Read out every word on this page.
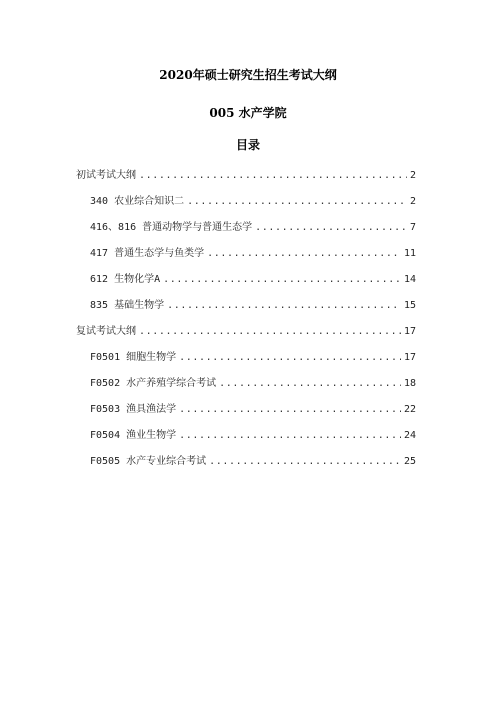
2020年硕士研究生招生考试大纲
005 水产学院
目录
初试考试大纲 .....	2
340 农业综合知识二 .....	2
416、816 普通动物学与普通生态学 .....	7
417 普通生态学与鱼类学 .....	11
612 生物化学A .....	14
835 基础生物学 .....	15
复试考试大纲 .....	17
F0501 细胞生物学 .....	17
F0502 水产养殖学综合考试 .....	18
F0503 渔具渔法学 .....	22
F0504 渔业生物学 .....	24
F0505 水产专业综合考试 .....	25
